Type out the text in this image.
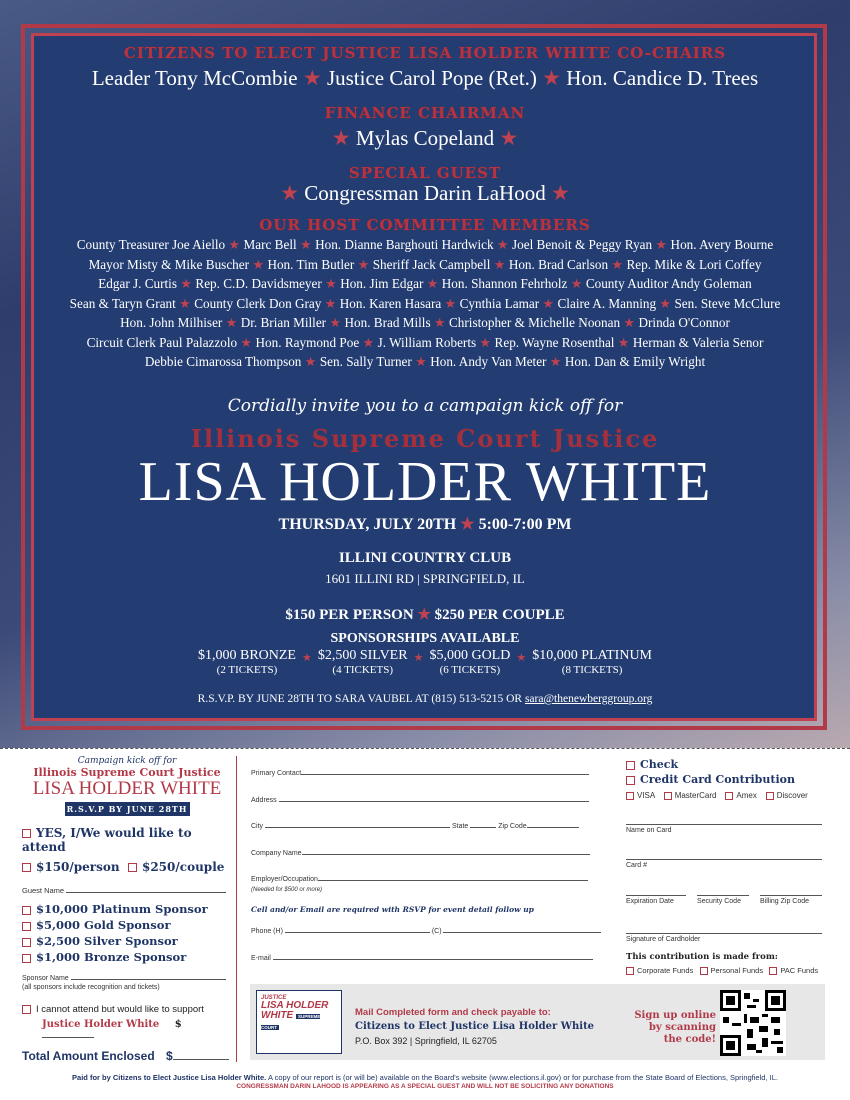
CITIZENS TO ELECT JUSTICE LISA HOLDER WHITE CO-CHAIRS
Leader Tony McCombie ★ Justice Carol Pope (Ret.) ★ Hon. Candice D. Trees
FINANCE CHAIRMAN
★ Mylas Copeland ★
SPECIAL GUEST
★ Congressman Darin LaHood ★
OUR HOST COMMITTEE MEMBERS
County Treasurer Joe Aiello ★ Marc Bell ★ Hon. Dianne Barghouti Hardwick ★ Joel Benoit & Peggy Ryan ★ Hon. Avery Bourne
Mayor Misty & Mike Buscher ★ Hon. Tim Butler ★ Sheriff Jack Campbell ★ Hon. Brad Carlson ★ Rep. Mike & Lori Coffey
Edgar J. Curtis ★ Rep. C.D. Davidsmeyer ★ Hon. Jim Edgar ★ Hon. Shannon Fehrholz ★ County Auditor Andy Goleman
Sean & Taryn Grant ★ County Clerk Don Gray ★ Hon. Karen Hasara ★ Cynthia Lamar ★ Claire A. Manning ★ Sen. Steve McClure
Hon. John Milhiser ★ Dr. Brian Miller ★ Hon. Brad Mills ★ Christopher & Michelle Noonan ★ Drinda O'Connor
Circuit Clerk Paul Palazzolo ★ Hon. Raymond Poe ★ J. William Roberts ★ Rep. Wayne Rosenthal ★ Herman & Valeria Senor
Debbie Cimarossa Thompson ★ Sen. Sally Turner ★ Hon. Andy Van Meter ★ Hon. Dan & Emily Wright
Cordially invite you to a campaign kick off for
Illinois Supreme Court Justice
LISA HOLDER WHITE
THURSDAY, JULY 20TH ★ 5:00-7:00 PM
ILLINI COUNTRY CLUB
1601 ILLINI RD | SPRINGFIELD, IL
$150 PER PERSON ★ $250 PER COUPLE
SPONSORSHIPS AVAILABLE
$1,000 BRONZE
(2 TICKETS)
★ $2,500 SILVER
(4 TICKETS)
★ $5,000 GOLD
(6 TICKETS)
★ $10,000 PLATINUM
(8 TICKETS)
R.S.V.P. BY JUNE 28TH TO SARA VAUBEL AT (815) 513-5215 OR sara@thenewberggroup.org
Campaign kick off for
Illinois Supreme Court Justice
LISA HOLDER WHITE
R.S.V.P BY JUNE 28TH
YES, I/We would like to attend
$150/person $250/couple
Guest Name
$10,000 Platinum Sponsor
$5,000 Gold Sponsor
$2,500 Silver Sponsor
$1,000 Bronze Sponsor
Sponsor Name
(all sponsors include recognition and tickets)
I cannot attend but would like to support
Justice Holder White $
Total Amount Enclosed $
Primary Contact
Address
City	State	Zip Code
Company Name
Employer/Occupation
(Needed for $500 or more)
Cell and/or Email are required with RSVP for event detail follow up
Phone (H)	(C)
E-mail
Check
Credit Card Contribution
VISA MasterCard Amex Discover
Name on Card
Card #
Expiration Date	Security Code	Billing Zip Code
Signature of Cardholder
This contribution is made from:
Corporate Funds Personal Funds PAC Funds
JUSTICE
LISA HOLDER
WHITE SUPREME COURT
Mail Completed form and check payable to:
Citizens to Elect Justice Lisa Holder White
P.O. Box 392 | Springfield, IL 62705
Sign up online by scanning the code!
Paid for by Citizens to Elect Justice Lisa Holder White. A copy of our report is (or will be) available on the Board's website (www.elections.il.gov) or for purchase from the State Board of Elections, Springfield, IL.
CONGRESSMAN DARIN LAHOOD IS APPEARING AS A SPECIAL GUEST AND WILL NOT BE SOLICITING ANY DONATIONS
